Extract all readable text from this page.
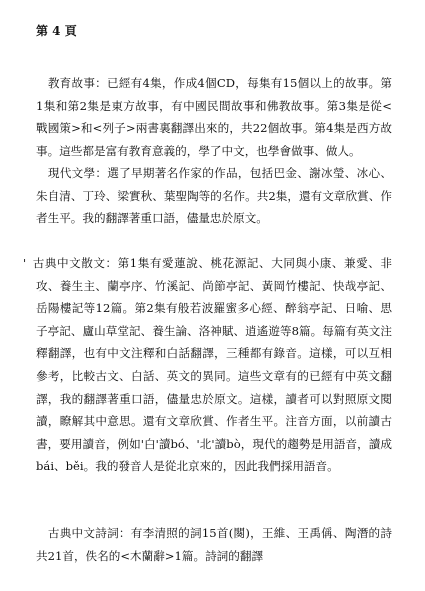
第 4 頁

 教育故事：已經有4集，作成4個CD，每集有15個以上的故事。第1集和第2集是東方故事，有中國民間故事和佛教故事。第3集是從<戰國策>和<列子>兩書裏翻譯出來的，共22個故事。第4集是西方故事。這些都是富有教育意義的，學了中文，也學會做事、做人。

 現代文學：選了早期著名作家的作品，包括巴金、謝冰瑩、冰心、朱自清、丁玲、梁實秋、葉聖陶等的名作。共2集，還有文章欣賞、作者生平。我的翻譯著重口語，儘量忠於原文。

' 古典中文散文：第1集有愛蓮說、桃花源記、大同與小康、兼愛、非攻、養生主、蘭亭序、竹溪記、尚節亭記、黃岡竹樓記、快哉亭記、岳陽樓記等12篇。第2集有般若波羅蜜多心經、醉翁亭記、日喻、思子亭記、廬山草堂記、養生論、洛神賦、逍遙遊等8篇。每篇有英文注釋翻譯，也有中文注釋和白話翻譯，三種都有錄音。這樣，可以互相參考，比較古文、白話、英文的異同。這些文章有的已經有中英文翻譯，我的翻譯著重口語，儘量忠於原文。這樣，讀者可以對照原文閱讀，瞭解其中意思。還有文章欣賞、作者生平。注音方面，以前讀古書，要用讀音，例如'白'讀bó、'北'讀bò，現代的趨勢是用語音，讀成bái、běi。我的發音人是從北京來的，因此我們採用語音。

 古典中文詩詞：有李清照的詞15首(闋)，王維、王禹偁、陶潛的詩共21首，佚名的<木蘭辭>1篇。詩詞的翻譯
